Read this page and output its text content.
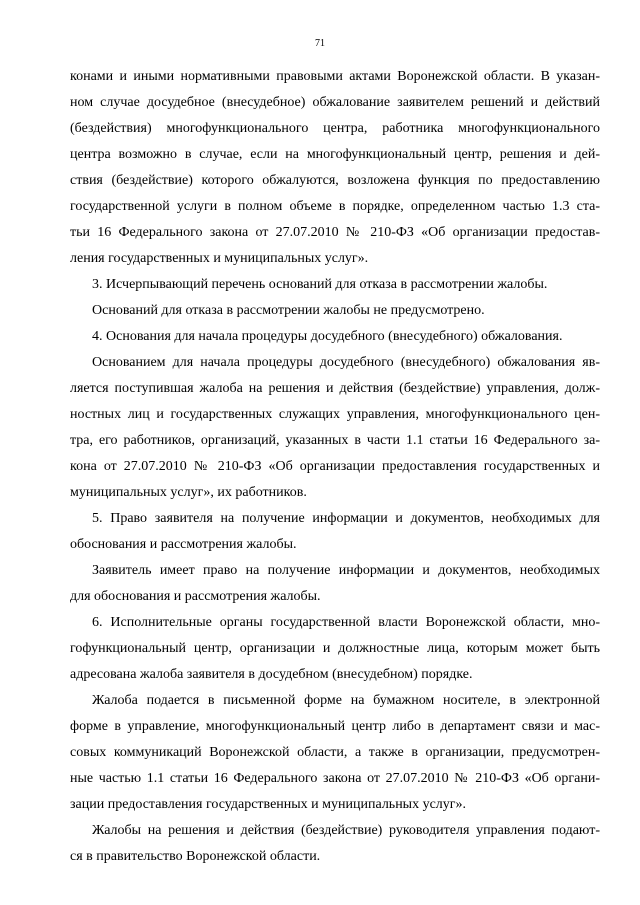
71
конами и иными нормативными правовыми актами Воронежской области. В указан-
ном случае досудебное (внесудебное) обжалование заявителем решений и действий
(бездействия) многофункционального центра, работника многофункционального
центра возможно в случае, если на многофункциональный центр, решения и дей-
ствия (бездействие) которого обжалуются, возложена функция по предоставлению
государственной услуги в полном объеме в порядке, определенном частью 1.3 ста-
тьи 16 Федерального закона от 27.07.2010 № 210-ФЗ «Об организации предостав-
ления государственных и муниципальных услуг».
3. Исчерпывающий перечень оснований для отказа в рассмотрении жалобы.
Оснований для отказа в рассмотрении жалобы не предусмотрено.
4. Основания для начала процедуры досудебного (внесудебного) обжалования.
Основанием для начала процедуры досудебного (внесудебного) обжалования яв-
ляется поступившая жалоба на решения и действия (бездействие) управления, долж-
ностных лиц и государственных служащих управления, многофункционального цен-
тра, его работников, организаций, указанных в части 1.1 статьи 16 Федерального за-
кона от 27.07.2010 № 210-ФЗ «Об организации предоставления государственных и
муниципальных услуг», их работников.
5. Право заявителя на получение информации и документов, необходимых для
обоснования и рассмотрения жалобы.
Заявитель имеет право на получение информации и документов, необходимых
для обоснования и рассмотрения жалобы.
6. Исполнительные органы государственной власти Воронежской области, мно-
гофункциональный центр, организации и должностные лица, которым может быть
адресована жалоба заявителя в досудебном (внесудебном) порядке.
Жалоба подается в письменной форме на бумажном носителе, в электронной
форме в управление, многофункциональный центр либо в департамент связи и мас-
совых коммуникаций Воронежской области, а также в организации, предусмотрен-
ные частью 1.1 статьи 16 Федерального закона от 27.07.2010 № 210-ФЗ «Об органи-
зации предоставления государственных и муниципальных услуг».
Жалобы на решения и действия (бездействие) руководителя управления подают-
ся в правительство Воронежской области.
